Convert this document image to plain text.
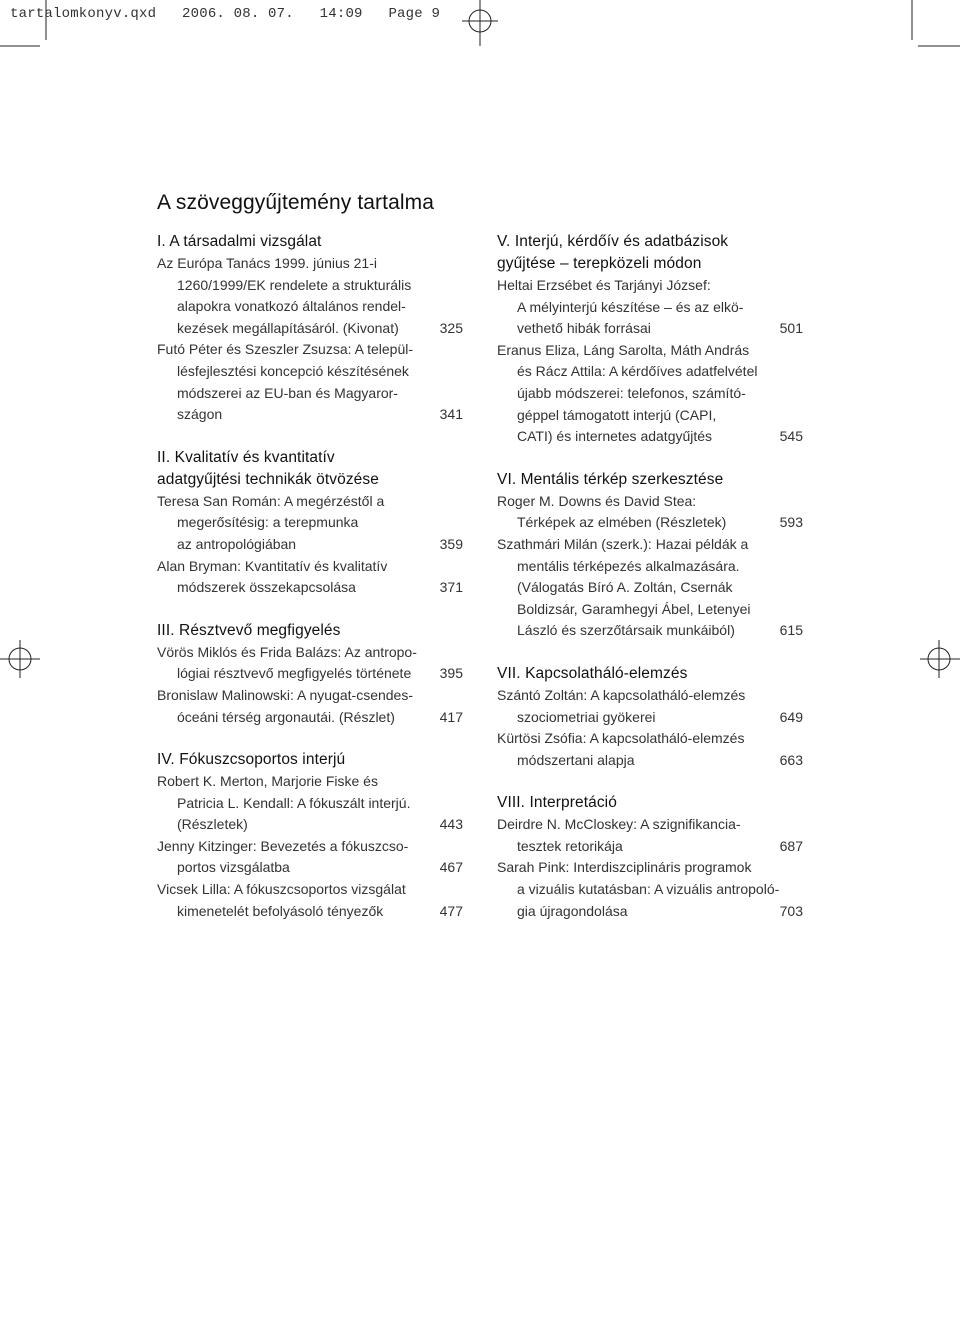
tartalomkonyv.qxd   2006. 08. 07.   14:09   Page 9
A szöveggyűjtemény tartalma
I. A társadalmi vizsgálat
Az Európa Tanács 1999. június 21-i
1260/1999/EK rendelete a strukturális
alapokra vonatkozó általános rendel-
kezések megállapításáról. (Kivonat)	325
Futó Péter és Szeszler Zsuzsa: A települ-
lésfejlesztési koncepció készítésének
módszerei az EU-ban és Magyaror-
szágon	341
II. Kvalitatív és kvantitatív
adatgyűjtési technikák ötvözése
Teresa San Román: A megérzéstől a
megerősítésig: a terepmunka
az antropológiában	359
Alan Bryman: Kvantitatív és kvalitatív
módszerek összekapcsolása	371
III. Résztvevő megfigyelés
Vörös Miklós és Frida Balázs: Az antropo-
lógiai résztvevő megfigyelés története	395
Bronislaw Malinowski: A nyugat-csendes-
óceáni térség argonautái. (Részlet)	417
IV. Fókuszcsoportos interjú
Robert K. Merton, Marjorie Fiske és
Patricia L. Kendall: A fókuszált interjú.
(Részletek)	443
Jenny Kitzinger: Bevezetés a fókuszcso-
portos vizsgálatba	467
Vicsek Lilla: A fókuszcsoportos vizsgálat
kimenetelét befolyásoló tényezők	477
V. Interjú, kérdőív és adatbázisok
gyűjtése – terepközeli módon
Heltai Erzsébet és Tarjányi József:
A mélyinterjú készítése – és az elkö-
vethető hibák forrásai	501
Eranus Eliza, Láng Sarolta, Máth András
és Rácz Attila: A kérdőíves adatfelvétel
újabb módszerei: telefonos, számító-
géppel támogatott interjú (CAPI,
CATI) és internetes adatgyűjtés	545
VI. Mentális térkép szerkesztése
Roger M. Downs és David Stea:
Térképek az elmében (Részletek)	593
Szathmári Milán (szerk.): Hazai példák a
mentális térképezés alkalmazására.
(Válogatás Bíró A. Zoltán, Csernák
Boldizsár, Garamhegyi Ábel, Letenyei
László és szerzőtársaik munkáiból)	615
VII. Kapcsolatháló-elemzés
Szántó Zoltán: A kapcsolatháló-elemzés
szociometriai gyökerei	649
Kürtösi Zsófia: A kapcsolatháló-elemzés
módszertani alapja	663
VIII. Interpretáció
Deirdre N. McCloskey: A szignifikancia-
tesztek retorikája	687
Sarah Pink: Interdiszciplináris programok
a vizuális kutatásban: A vizuális antropoló-
gia újragondolása	703
